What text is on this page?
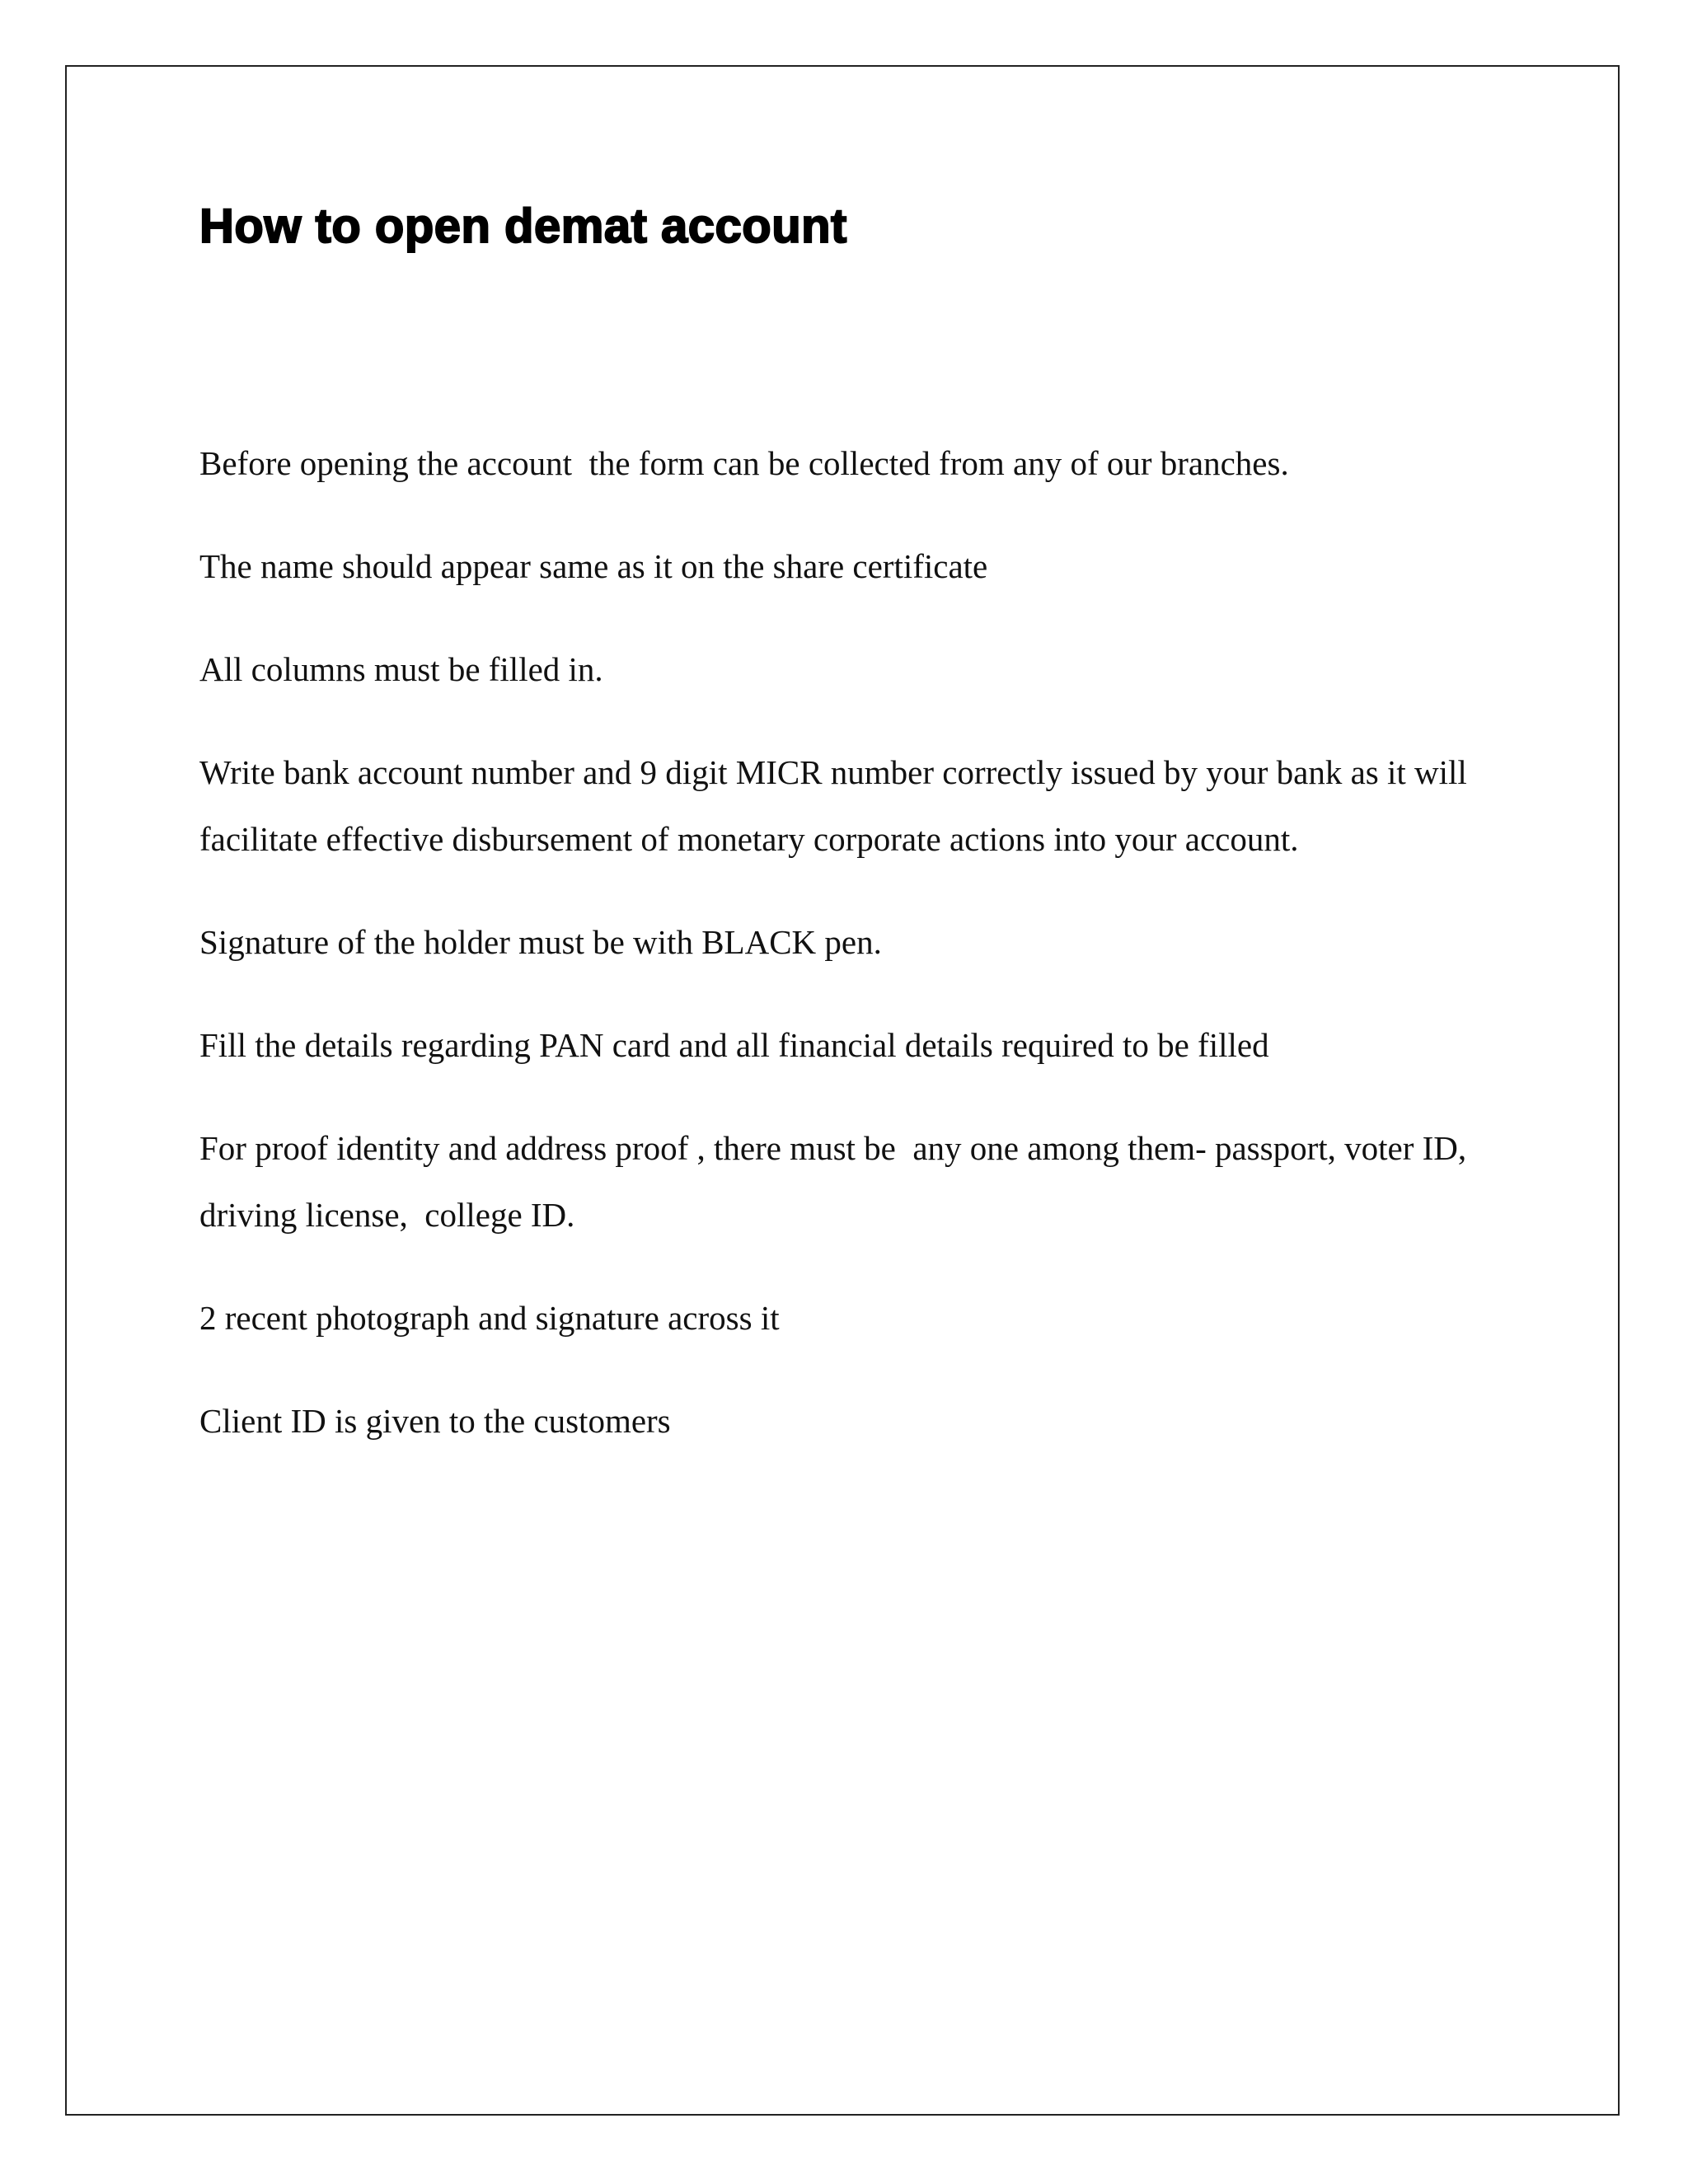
How to open demat account

Before opening the account  the form can be collected from any of our branches.

The name should appear same as it on the share certificate

All columns must be filled in.

Write bank account number and 9 digit MICR number correctly issued by your bank as it will facilitate effective disbursement of monetary corporate actions into your account.

Signature of the holder must be with BLACK pen.

Fill the details regarding PAN card and all financial details required to be filled

For proof identity and address proof , there must be  any one among them- passport, voter ID,  driving license,  college ID.

2 recent photograph and signature across it

Client ID is given to the customers
